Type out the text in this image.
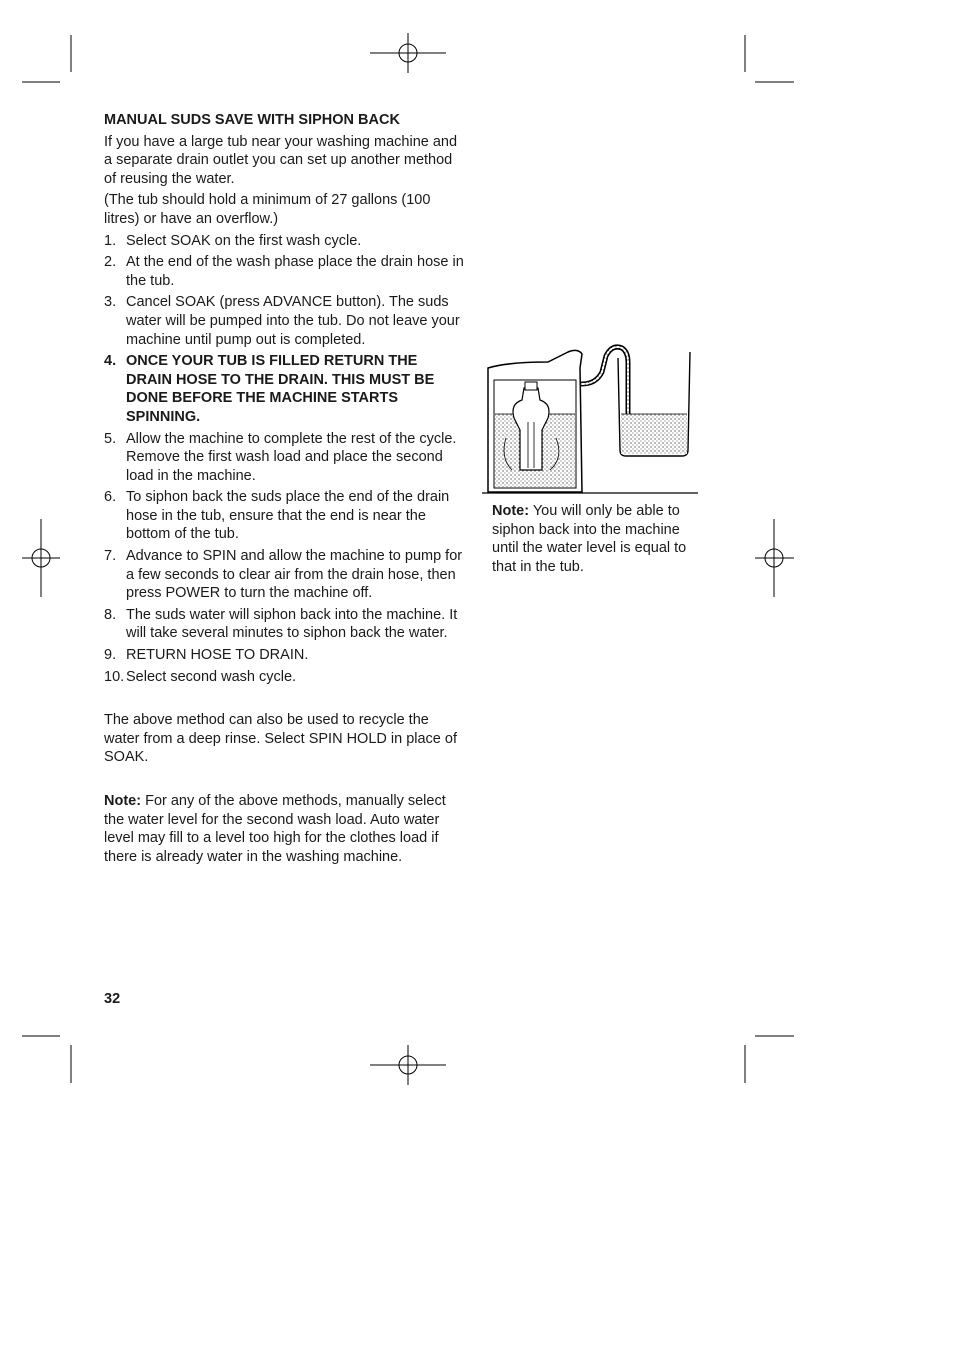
MANUAL SUDS SAVE WITH SIPHON BACK

If you have a large tub near your washing machine and a separate drain outlet you can set up another method of reusing the water.

(The tub should hold a minimum of 27 gallons (100 litres) or have an overflow.)

1. Select SOAK on the first wash cycle.
2. At the end of the wash phase place the drain hose in the tub.
3. Cancel SOAK (press ADVANCE button). The suds water will be pumped into the tub. Do not leave your machine until pump out is completed.
4. ONCE YOUR TUB IS FILLED RETURN THE DRAIN HOSE TO THE DRAIN. THIS MUST BE DONE BEFORE THE MACHINE STARTS SPINNING.
5. Allow the machine to complete the rest of the cycle. Remove the first wash load and place the second load in the machine.
6. To siphon back the suds place the end of the drain hose in the tub, ensure that the end is near the bottom of the tub.
7. Advance to SPIN and allow the machine to pump for a few seconds to clear air from the drain hose, then press POWER to turn the machine off.
8. The suds water will siphon back into the machine. It will take several minutes to siphon back the water.
9. RETURN HOSE TO DRAIN.
10. Select second wash cycle.

The above method can also be used to recycle the water from a deep rinse. Select SPIN HOLD in place of SOAK.

Note: For any of the above methods, manually select the water level for the second wash load. Auto water level may fill to a level too high for the clothes load if there is already water in the washing machine.

Note: You will only be able to siphon back into the machine until the water level is equal to that in the tub.
32
